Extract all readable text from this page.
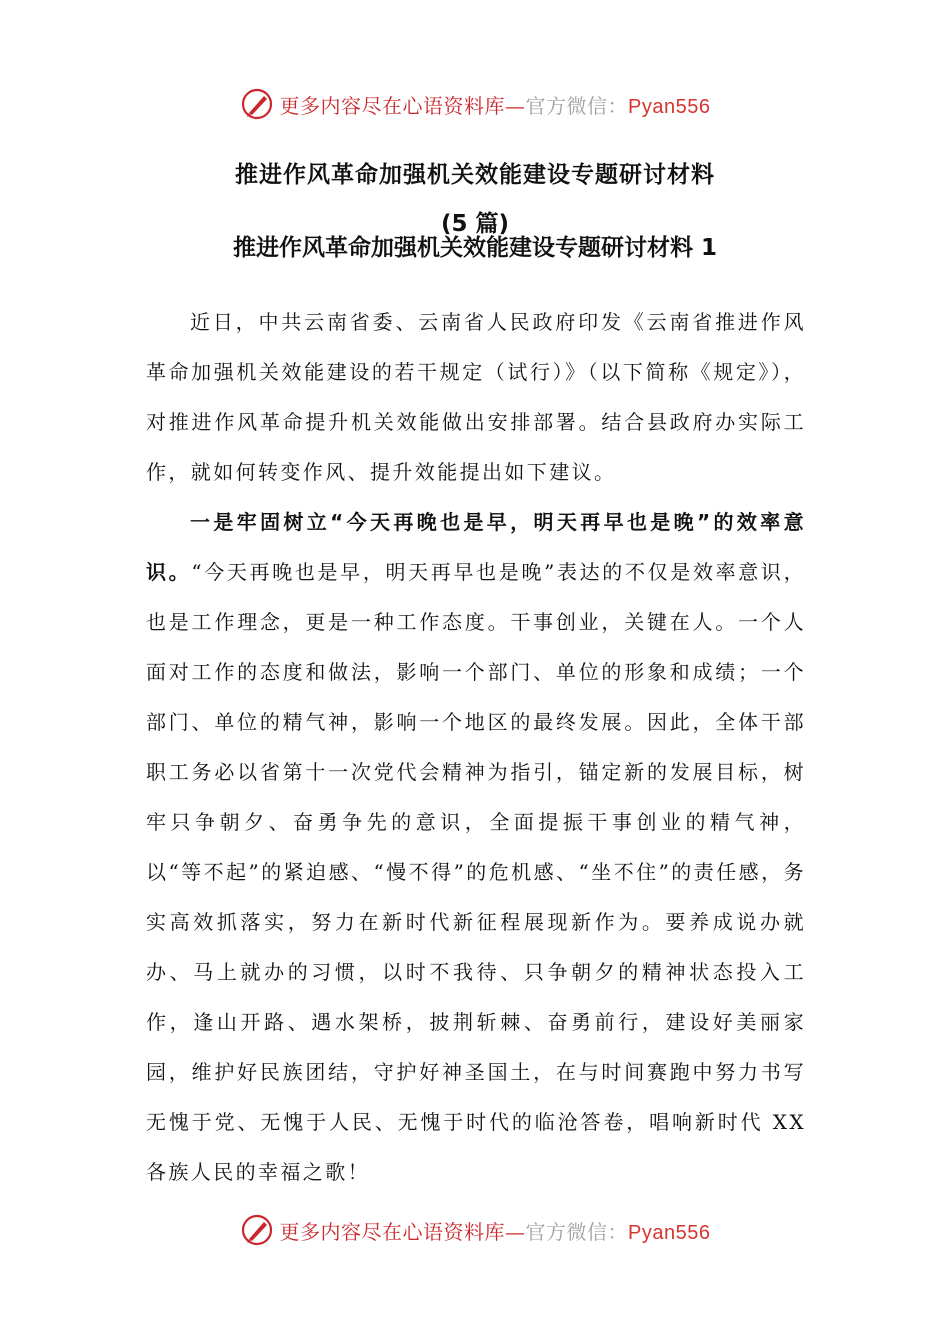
更多内容尽在心语资料库—官方微信：Pyan556
推进作风革命加强机关效能建设专题研讨材料
(5 篇)
推进作风革命加强机关效能建设专题研讨材料 1

近日，中共云南省委、云南省人民政府印发《云南省推进作风革命加强机关效能建设的若干规定（试行）》（以下简称《规定》），对推进作风革命提升机关效能做出安排部署。结合县政府办实际工作，就如何转变作风、提升效能提出如下建议。

一是牢固树立“今天再晚也是早，明天再早也是晚”的效率意识。“今天再晚也是早，明天再早也是晚”表达的不仅是效率意识，也是工作理念，更是一种工作态度。干事创业，关键在人。一个人面对工作的态度和做法，影响一个部门、单位的形象和成绩；一个部门、单位的精气神，影响一个地区的最终发展。因此，全体干部职工务必以省第十一次党代会精神为指引，锚定新的发展目标，树牢只争朝夕、奋勇争先的意识，全面提振干事创业的精气神，以“等不起”的紧迫感、“慢不得”的危机感、“坐不住”的责任感，务实高效抓落实，努力在新时代新征程展现新作为。要养成说办就办、马上就办的习惯，以时不我待、只争朝夕的精神状态投入工作，逢山开路、遇水架桥，披荆斩棘、奋勇前行，建设好美丽家园，维护好民族团结，守护好神圣国土，在与时间赛跑中努力书写无愧于党、无愧于人民、无愧于时代的临沧答卷，唱响新时代 XX 各族人民的幸福之歌！

更多内容尽在心语资料库—官方微信：Pyan556
